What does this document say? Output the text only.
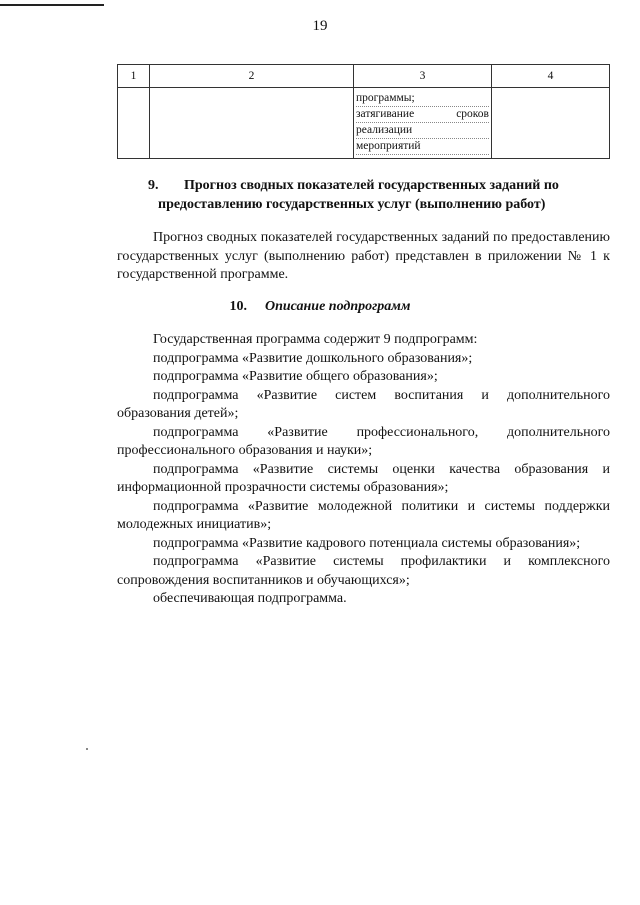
19
1	2	3	4

		программы;
затягивание сроков
реализации
мероприятий	

9. Прогноз сводных показателей государственных заданий по
предоставлению государственных услуг (выполнению работ)
Прогноз сводных показателей государственных заданий по предоставлению государственных услуг (выполнению работ) представлен в приложении № 1 к государственной программе.
10. Описание подпрограмм
Государственная программа содержит 9 подпрограмм:
подпрограмма «Развитие дошкольного образования»;
подпрограмма «Развитие общего образования»;
подпрограмма «Развитие систем воспитания и дополнительного образования детей»;
подпрограмма «Развитие профессионального, дополнительного профессионального образования и науки»;
подпрограмма «Развитие системы оценки качества образования и информационной прозрачности системы образования»;
подпрограмма «Развитие молодежной политики и системы поддержки молодежных инициатив»;
подпрограмма «Развитие кадрового потенциала системы образования»;
подпрограмма «Развитие системы профилактики и комплексного сопровождения воспитанников и обучающихся»;
обеспечивающая подпрограмма.
